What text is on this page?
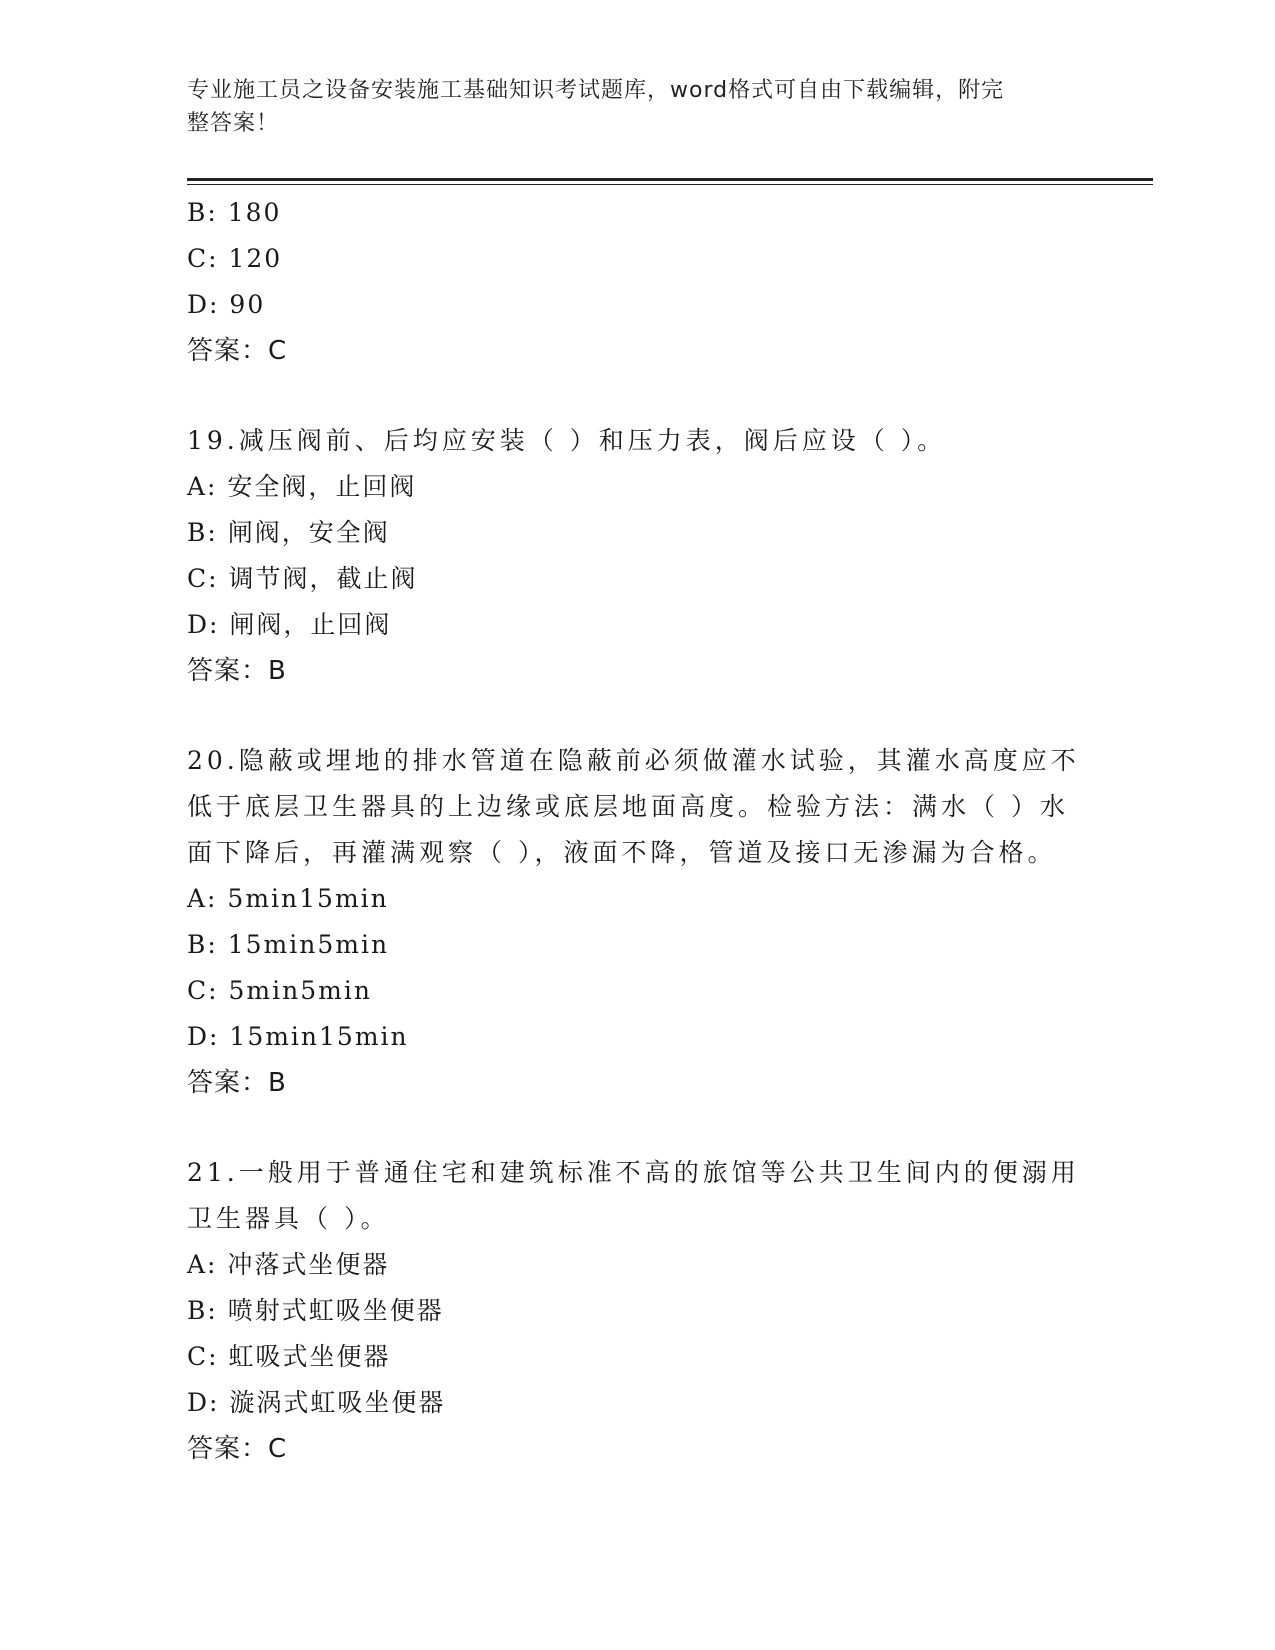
专业施工员之设备安装施工基础知识考试题库，word格式可自由下载编辑，附完
整答案！
B: 180
C: 120
D: 90
答案：C
19.减压阀前、后均应安装（ ）和压力表，阀后应设（ ）。
A: 安全阀，止回阀
B: 闸阀，安全阀
C: 调节阀，截止阀
D: 闸阀，止回阀
答案：B
20.隐蔽或埋地的排水管道在隐蔽前必须做灌水试验，其灌水高度应不
低于底层卫生器具的上边缘或底层地面高度。检验方法：满水（ ）水
面下降后，再灌满观察（ ），液面不降，管道及接口无渗漏为合格。
A: 5min15min
B: 15min5min
C: 5min5min
D: 15min15min
答案：B
21.一般用于普通住宅和建筑标准不高的旅馆等公共卫生间内的便溺用
卫生器具（ ）。
A: 冲落式坐便器
B: 喷射式虹吸坐便器
C: 虹吸式坐便器
D: 漩涡式虹吸坐便器
答案：C
